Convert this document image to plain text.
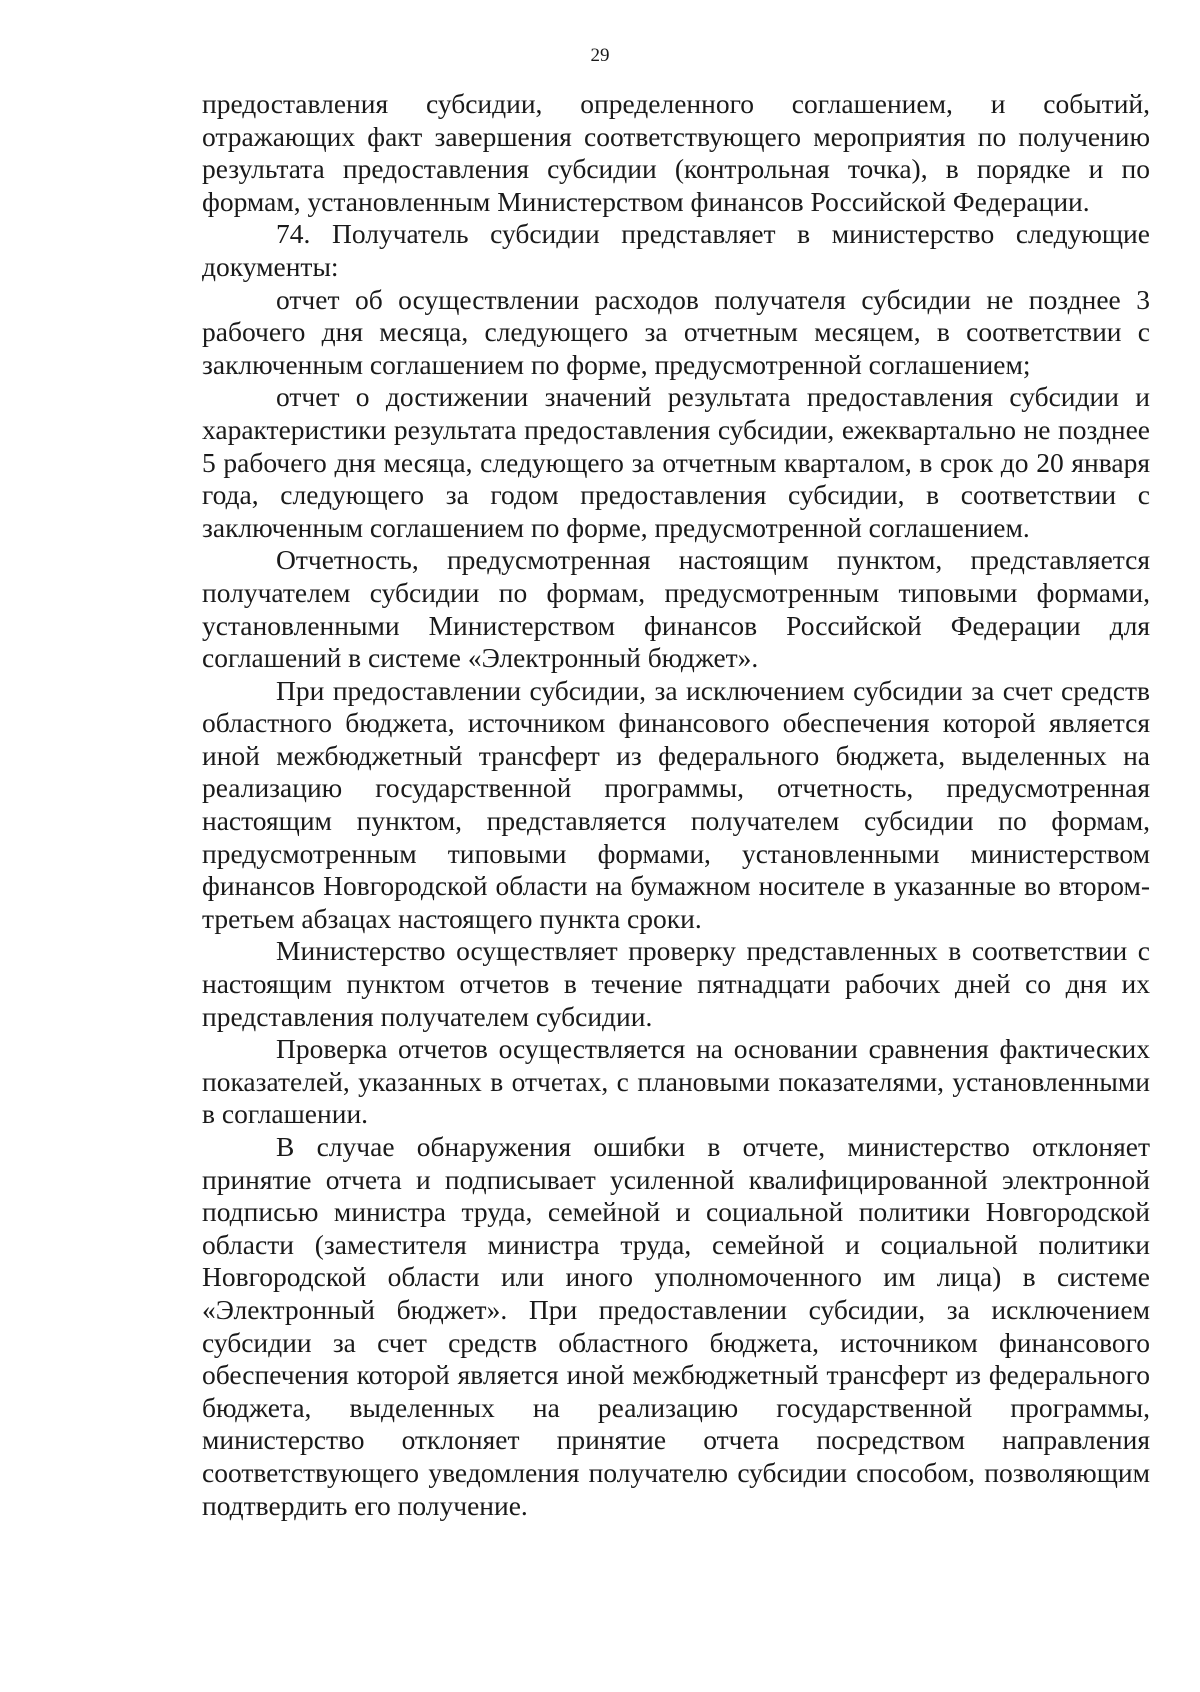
29

предоставления субсидии, определенного соглашением, и событий, отражающих факт завершения соответствующего мероприятия по получению результата предоставления субсидии (контрольная точка), в порядке и по формам, установленным Министерством финансов Российской Федерации.

74. Получатель субсидии представляет в министерство следующие документы:

отчет об осуществлении расходов получателя субсидии не позднее 3 рабочего дня месяца, следующего за отчетным месяцем, в соответствии с заключенным соглашением по форме, предусмотренной соглашением;

отчет о достижении значений результата предоставления субсидии и характеристики результата предоставления субсидии, ежеквартально не позднее 5 рабочего дня месяца, следующего за отчетным кварталом, в срок до 20 января года, следующего за годом предоставления субсидии, в соответствии с заключенным соглашением по форме, предусмотренной соглашением.

Отчетность, предусмотренная настоящим пунктом, представляется получателем субсидии по формам, предусмотренным типовыми формами, установленными Министерством финансов Российской Федерации для соглашений в системе «Электронный бюджет».

При предоставлении субсидии, за исключением субсидии за счет средств областного бюджета, источником финансового обеспечения которой является иной межбюджетный трансферт из федерального бюджета, выделенных на реализацию государственной программы, отчетность, предусмотренная настоящим пунктом, представляется получателем субсидии по формам, предусмотренным типовыми формами, установленными министерством финансов Новгородской области на бумажном носителе в указанные во втором-третьем абзацах настоящего пункта сроки.

Министерство осуществляет проверку представленных в соответствии с настоящим пунктом отчетов в течение пятнадцати рабочих дней со дня их представления получателем субсидии.

Проверка отчетов осуществляется на основании сравнения фактических показателей, указанных в отчетах, с плановыми показателями, установленными в соглашении.

В случае обнаружения ошибки в отчете, министерство отклоняет принятие отчета и подписывает усиленной квалифицированной электронной подписью министра труда, семейной и социальной политики Новгородской области (заместителя министра труда, семейной и социальной политики Новгородской области или иного уполномоченного им лица) в системе «Электронный бюджет». При предоставлении субсидии, за исключением субсидии за счет средств областного бюджета, источником финансового обеспечения которой является иной межбюджетный трансферт из федерального бюджета, выделенных на реализацию государственной программы, министерство отклоняет принятие отчета посредством направления соответствующего уведомления получателю субсидии способом, позволяющим подтвердить его получение.
